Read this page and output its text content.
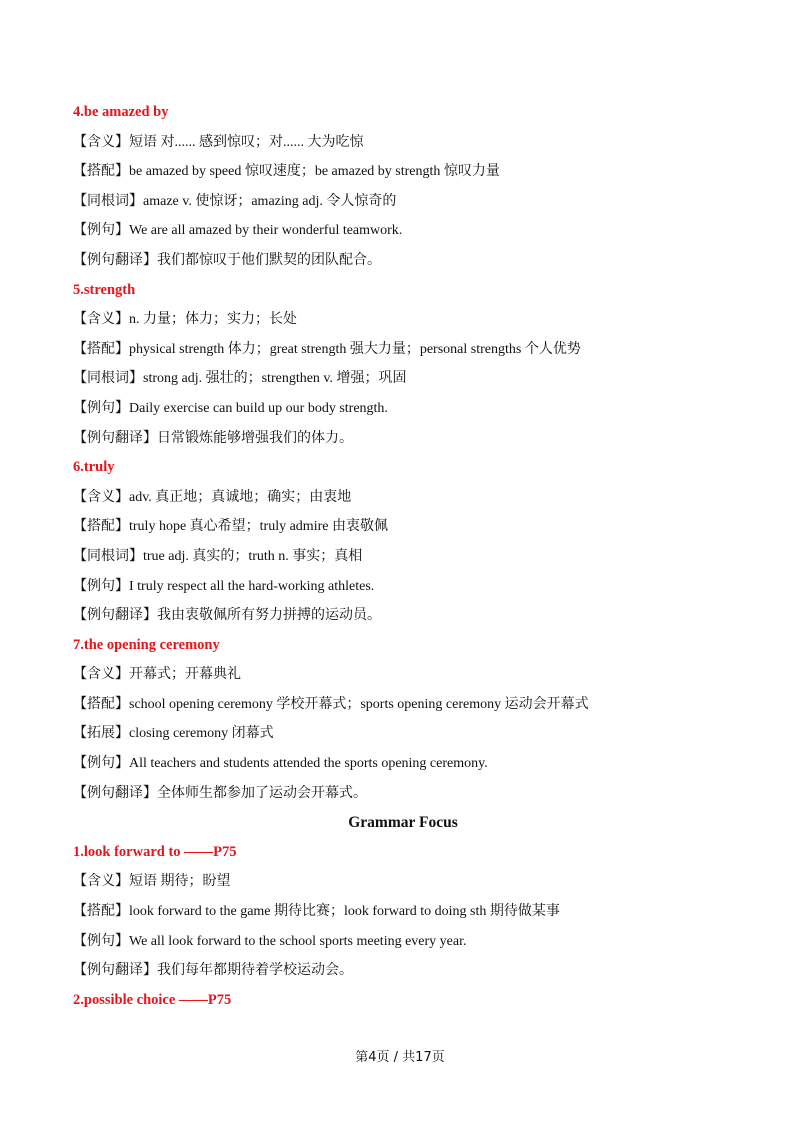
4.be amazed by
【含义】短语 对...... 感到惊叹；对...... 大为吃惊
【搭配】be amazed by speed 惊叹速度；be amazed by strength 惊叹力量
【同根词】amaze v. 使惊讶；amazing adj. 令人惊奇的
【例句】We are all amazed by their wonderful teamwork.
【例句翻译】我们都惊叹于他们默契的团队配合。
5.strength
【含义】n. 力量；体力；实力；长处
【搭配】physical strength 体力；great strength 强大力量；personal strengths 个人优势
【同根词】strong adj. 强壮的；strengthen v. 增强；巩固
【例句】Daily exercise can build up our body strength.
【例句翻译】日常锻炼能够增强我们的体力。
6.truly
【含义】adv. 真正地；真诚地；确实；由衷地
【搭配】truly hope 真心希望；truly admire 由衷敬佩
【同根词】true adj. 真实的；truth n. 事实；真相
【例句】I truly respect all the hard-working athletes.
【例句翻译】我由衷敬佩所有努力拼搏的运动员。
7.the opening ceremony
【含义】开幕式；开幕典礼
【搭配】school opening ceremony 学校开幕式；sports opening ceremony 运动会开幕式
【拓展】closing ceremony 闭幕式
【例句】All teachers and students attended the sports opening ceremony.
【例句翻译】全体师生都参加了运动会开幕式。
Grammar Focus
1.look forward to ——P75
【含义】短语 期待；盼望
【搭配】look forward to the game 期待比赛；look forward to doing sth 期待做某事
【例句】We all look forward to the school sports meeting every year.
【例句翻译】我们每年都期待着学校运动会。
2.possible choice ——P75
第4页 / 共17页
